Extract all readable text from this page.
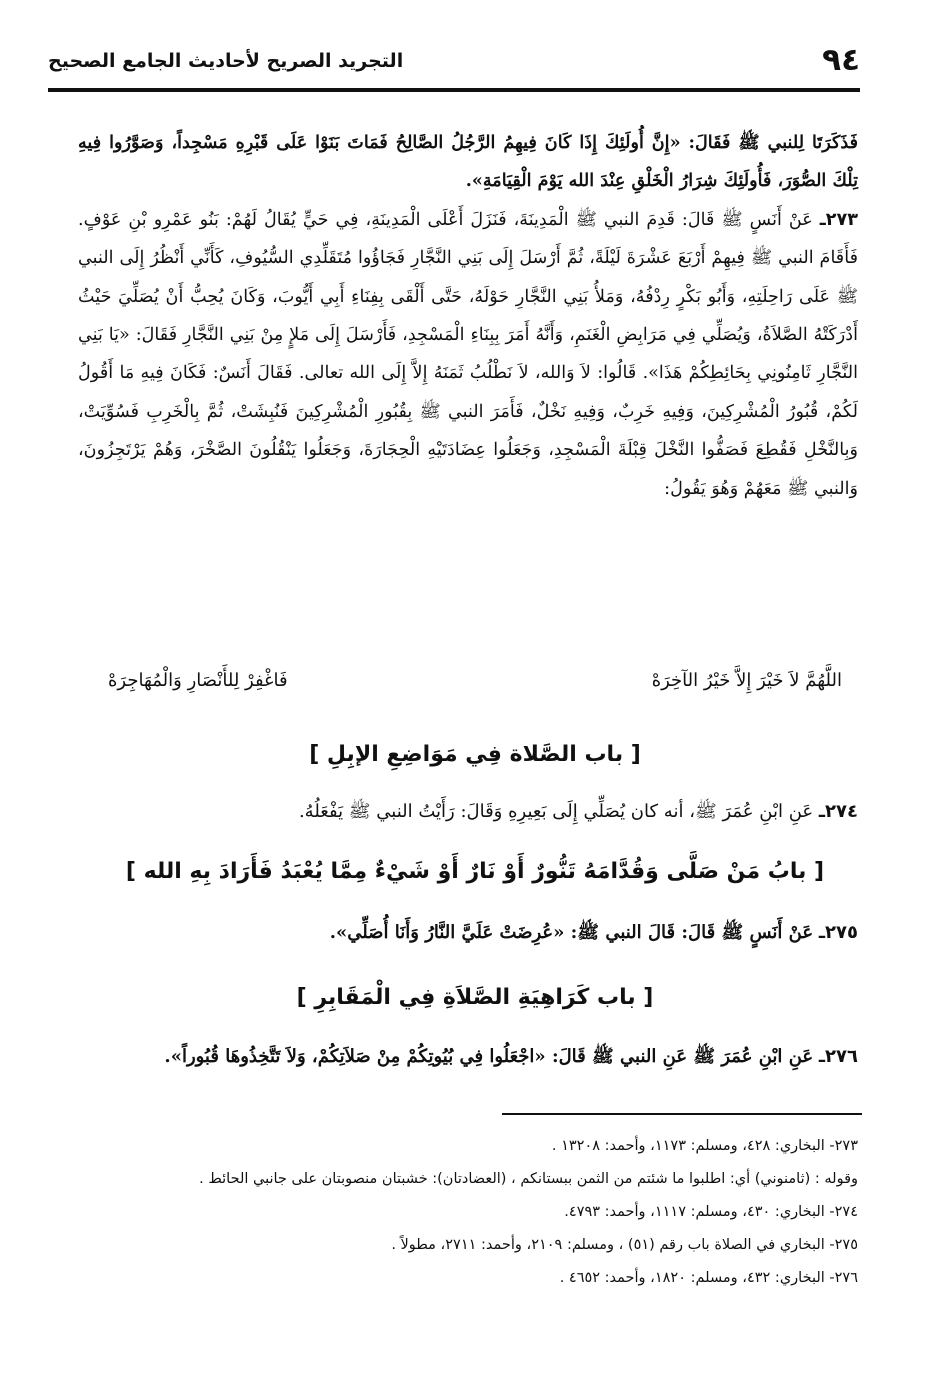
٩٤
التجريد الصريح لأحاديث الجامع الصحيح
فَذَكَرَتَا لِلنبي ﷺ فَقَالَ: «إِنَّ أُولَئِكَ إِذَا كَانَ فِيهِمُ الرَّجُلُ الصَّالِحُ فَمَاتَ بَنَوْا عَلَى قَبْرِهِ مَسْجِداً، وَصَوَّرُوا فِيهِ تِلْكَ الصُّوَرَ، فَأُولَئِكَ شِرَارُ الْخَلْقِ عِنْدَ الله يَوْمَ الْقِيَامَةِ».
٢٧٣ـ عَنْ أَنَسٍ ﷺ قَالَ: قَدِمَ النبي ﷺ الْمَدِينَةَ، فَنَزَلَ أَعْلَى الْمَدِينَةِ، فِي حَيٍّ يُقَالُ لَهُمْ: بَنُو عَمْرِو بْنِ عَوْفٍ. فَأَقَامَ النبي ﷺ فِيهِمْ أَرْبَعَ عَشْرَةَ لَيْلَةً، ثُمَّ أَرْسَلَ إِلَى بَنِي النَّجَّارِ فَجَاؤُوا مُتَقَلِّدِي السُّيُوفِ، كَأَنِّي أَنْظُرُ إِلَى النبي ﷺ عَلَى رَاحِلَتِهِ، وَأَبُو بَكْرٍ رِدْفُهُ، وَمَلأُ بَنِي النَّجَّارِ حَوْلَهُ، حَتَّى أَلْقَى بِفِنَاءِ أَبِي أَيُّوبَ، وَكَانَ يُحِبُّ أَنْ يُصَلِّيَ حَيْثُ أَدْرَكَتْهُ الصَّلاَةُ، وَيُصَلِّي فِي مَرَابِضِ الْغَنَمِ، وَأَنَّهُ أَمَرَ بِبِنَاءِ الْمَسْجِدِ، فَأَرْسَلَ إِلَى مَلإٍ مِنْ بَنِي النَّجَّارِ فَقَالَ: «يَا بَنِي النَّجَّارِ ثَامِنُونِي بِحَائِطِكُمْ هَذَا». قَالُوا: لاَ وَالله، لاَ نَطْلُبُ ثَمَنَهُ إِلاَّ إِلَى الله تعالى. فَقَالَ أَنَسٌ: فَكَانَ فِيهِ مَا أَقُولُ لَكُمْ، قُبُورُ الْمُشْرِكِينَ، وَفِيهِ خَرِبٌ، وَفِيهِ نَخْلٌ، فَأَمَرَ النبي ﷺ بِقُبُورِ الْمُشْرِكِينَ فَنُبِشَتْ، ثُمَّ بِالْخَرِبِ فَسُوِّيَتْ، وَبِالنَّخْلِ فَقُطِعَ فَصَفُّوا النَّخْلَ قِبْلَةَ الْمَسْجِدِ، وَجَعَلُوا عِضَادَتَيْهِ الْحِجَارَةَ، وَجَعَلُوا يَنْقُلُونَ الصَّخْرَ، وَهُمْ يَرْتَجِزُونَ، وَالنبي ﷺ مَعَهُمْ وَهُوَ يَقُولُ:
اللَّهُمَّ لاَ خَيْرَ إِلاَّ خَيْرُ الآخِرَهْ
فَاغْفِرْ لِلأَنْصَارِ وَالْمُهَاجِرَهْ
[ باب الصَّلاة فِي مَوَاضِعِ الإبِلِ ]
٢٧٤ـ عَنِ ابْنِ عُمَرَ ﷺ، أنه كان يُصَلِّي إِلَى بَعِيرِهِ وَقَالَ: رَأَيْتُ النبي ﷺ يَفْعَلُهُ.
[ بابُ مَنْ صَلَّى وَقُدَّامَهُ تَنُّورٌ أَوْ نَارٌ أَوْ شَيْءٌ مِمَّا يُعْبَدُ فَأَرَادَ بِهِ الله ]
٢٧٥ـ عَنْ أَنَسٍ ﷺ قَالَ: قَالَ النبي ﷺ: «عُرِضَتْ عَلَيَّ النَّارُ وَأَنَا أُصَلِّي».
[ باب كَرَاهِيَةِ الصَّلاَةِ فِي الْمَقَابِرِ ]
٢٧٦ـ عَنِ ابْنِ عُمَرَ ﷺ عَنِ النبي ﷺ قَالَ: «اجْعَلُوا فِي بُيُوتِكُمْ مِنْ صَلاَتِكُمْ، وَلاَ تَتَّخِذُوهَا قُبُوراً».
٢٧٣- البخاري: ٤٢٨، ومسلم: ١١٧٣، وأحمد: ١٣٢٠٨ .
وقوله : (ثامنوني) أي: اطلبوا ما شئتم من الثمن ببستانكم ، (العضادتان): خشبتان منصوبتان على جانبي الحائط .
٢٧٤- البخاري: ٤٣٠، ومسلم: ١١١٧، وأحمد: ٤٧٩٣.
٢٧٥- البخاري في الصلاة باب رقم (٥١) ، ومسلم: ٢١٠٩، وأحمد: ٢٧١١، مطولاً .
٢٧٦- البخاري: ٤٣٢، ومسلم: ١٨٢٠، وأحمد: ٤٦٥٢ .
